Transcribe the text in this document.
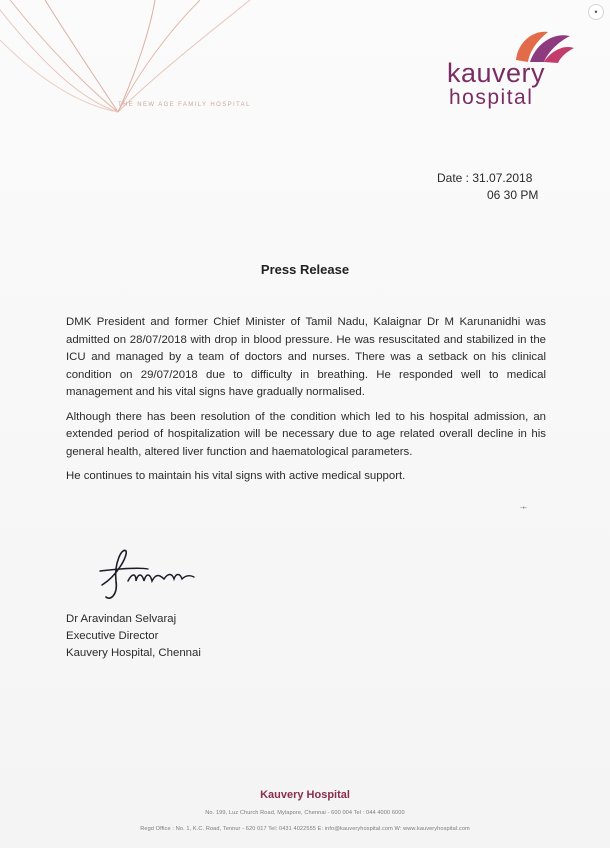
THE NEW AGE FAMILY HOSPITAL
kauvery
hospital
•
Date : 31.07.2018
06 30 PM
Press Release

DMK President and former Chief Minister of Tamil Nadu, Kalaignar Dr M Karunanidhi was admitted on 28/07/2018 with drop in blood pressure. He was resuscitated and stabilized in the ICU and managed by a team of doctors and nurses. There was a setback on his clinical condition on 29/07/2018 due to difficulty in breathing. He responded well to medical management and his vital signs have gradually normalised.

Although there has been resolution of the condition which led to his hospital admission, an extended period of hospitalization will be necessary due to age related overall decline in his general health, altered liver function and haematological parameters.

He continues to maintain his vital signs with active medical support.

-•-
Dr Aravindan Selvaraj
Executive Director
Kauvery Hospital, Chennai
Kauvery Hospital
No. 199, Luz Church Road, Mylapore, Chennai - 600 004 Tel : 044 4000 6000
Regd Office : No. 1, K.C. Road, Tennur - 620 017 Tel: 0431 4022555 E: info@kauveryhospital.com W: www.kauveryhospital.com
